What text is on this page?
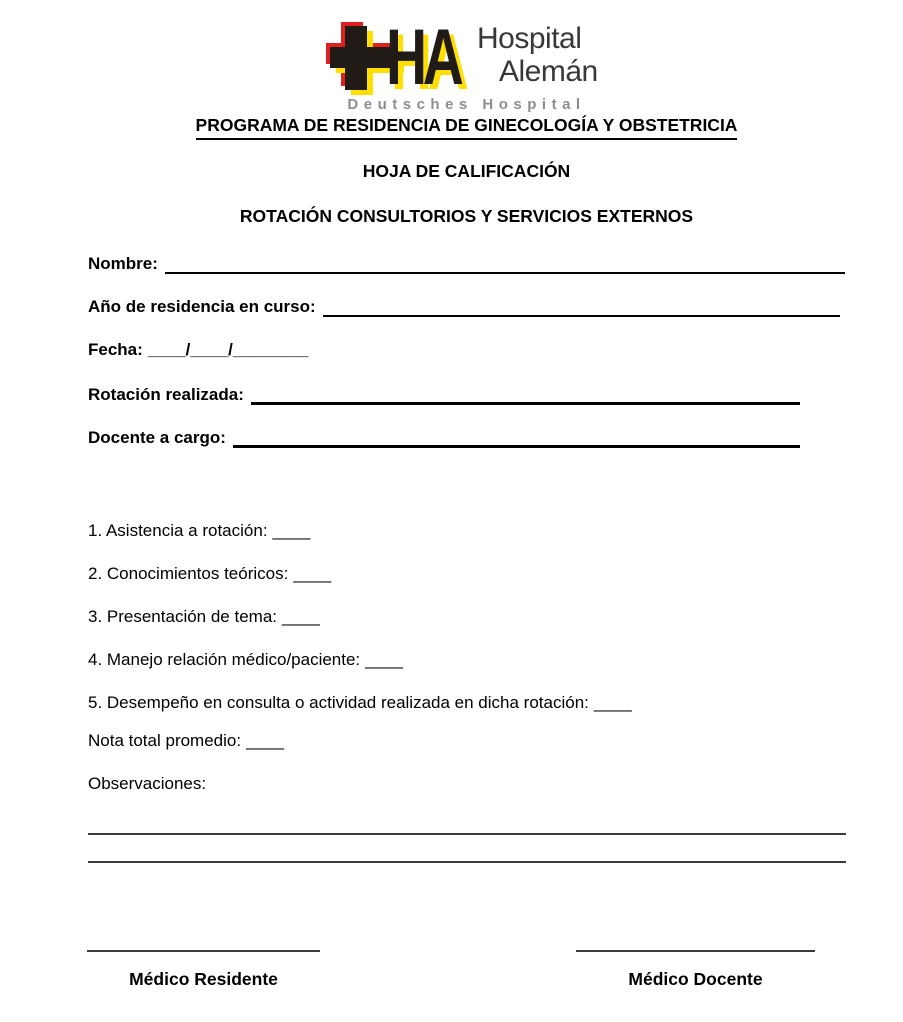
HA Hospital
Alemán
Deutsches Hospital
PROGRAMA DE RESIDENCIA DE GINECOLOGÍA Y OBSTETRICIA
HOJA DE CALIFICACIÓN
ROTACIÓN CONSULTORIOS Y SERVICIOS EXTERNOS
Nombre:
Año de residencia en curso:
Fecha: ____/____/________
Rotación realizada:
Docente a cargo:
1. Asistencia a rotación: ____
2. Conocimientos teóricos: ____
3. Presentación de tema: ____
4. Manejo relación médico/paciente: ____
5. Desempeño en consulta o actividad realizada en dicha rotación: ____
Nota total promedio: ____
Observaciones:
Médico Residente	Médico Docente
